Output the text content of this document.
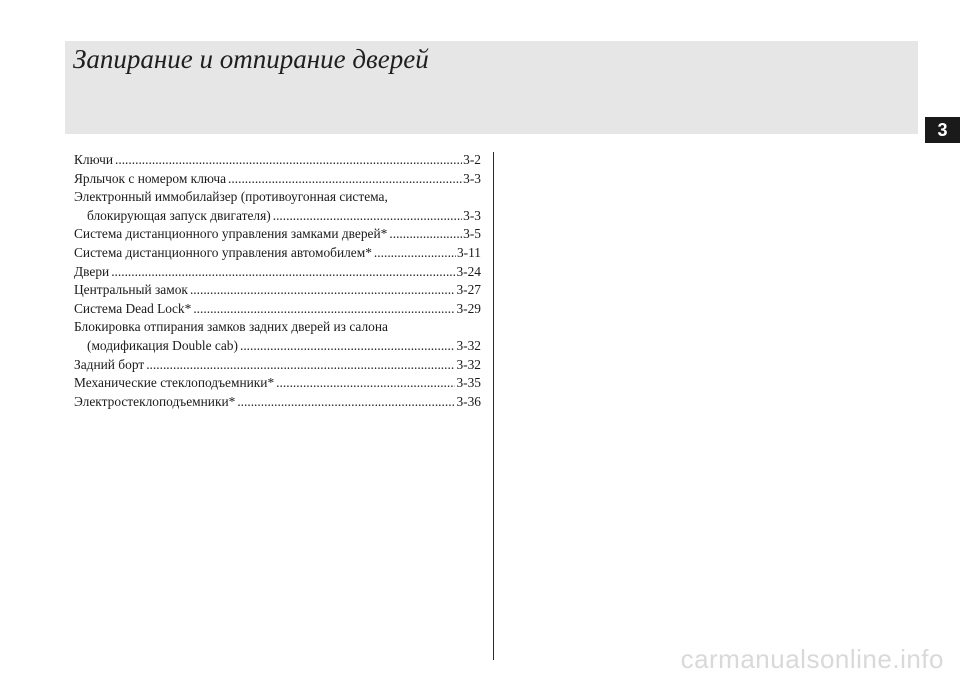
Запирание и отпирание дверей
3
Ключи .....	3-2
Ярлычок с номером ключа .....	3-3
Электронный иммобилайзер (противоугонная система,
блокирующая запуск двигателя) .....	3-3
Система дистанционного управления замками дверей* .....	3-5
Система дистанционного управления автомобилем* .....	3-11
Двери .....	3-24
Центральный замок .....	3-27
Система Dead Lock* .....	3-29
Блокировка отпирания замков задних дверей из салона
(модификация Double cab) .....	3-32
Задний борт .....	3-32
Механические стеклоподъемники* .....	3-35
Электростеклоподъемники* .....	3-36
carmanualsonline.info
